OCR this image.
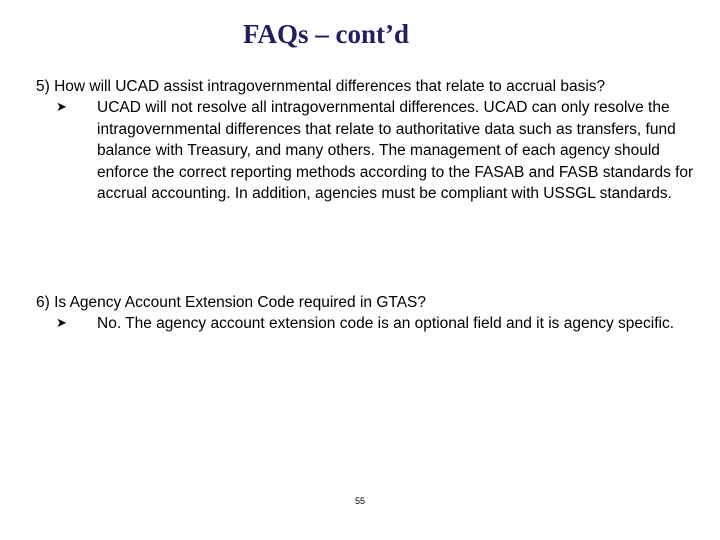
FAQs – cont’d

5) How will UCAD assist intragovernmental differences that relate to accrual basis?

➤ UCAD will not resolve all intragovernmental differences. UCAD can only resolve the intragovernmental differences that relate to authoritative data such as transfers, fund balance with Treasury, and many others. The management of each agency should enforce the correct reporting methods according to the FASAB and FASB standards for accrual accounting. In addition, agencies must be compliant with USSGL standards.

6) Is Agency Account Extension Code required in GTAS?

➤ No. The agency account extension code is an optional field and it is agency specific.
55
